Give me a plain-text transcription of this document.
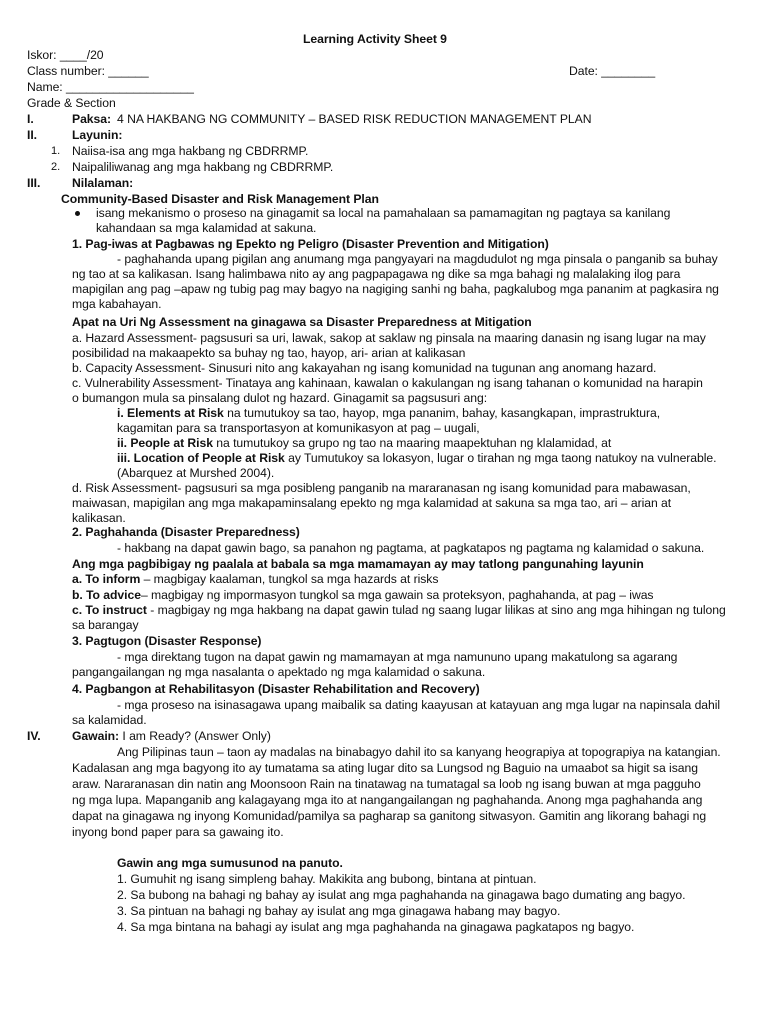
Learning Activity Sheet 9
Iskor: ____/20
Class number: ______	Date: ________
Name: ___________________
Grade & Section
I.	Paksa: 4 NA HAKBANG NG COMMUNITY – BASED RISK REDUCTION MANAGEMENT PLAN
II.	Layunin:
1. Naiisa-isa ang mga hakbang ng CBDRRMP.
2. Naipaliliwanag ang mga hakbang ng CBDRRMP.
III.	Nilalaman:
Community-Based Disaster and Risk Management Plan
isang mekanismo o proseso na ginagamit sa local na pamahalaan sa pamamagitan ng pagtaya sa kanilang
kahandaan sa mga kalamidad at sakuna.
1. Pag-iwas at Pagbawas ng Epekto ng Peligro (Disaster Prevention and Mitigation)
- paghahanda upang pigilan ang anumang mga pangyayari na magdudulot ng mga pinsala o panganib sa buhay
ng tao at sa kalikasan. Isang halimbawa nito ay ang pagpapagawa ng dike sa mga bahagi ng malalaking ilog para
mapigilan ang pag –apaw ng tubig pag may bagyo na nagiging sanhi ng baha, pagkalubog mga pananim at pagkasira ng
mga kabahayan.
Apat na Uri Ng Assessment na ginagawa sa Disaster Preparedness at Mitigation
a. Hazard Assessment- pagsusuri sa uri, lawak, sakop at saklaw ng pinsala na maaring danasin ng isang lugar na may
posibilidad na makaapekto sa buhay ng tao, hayop, ari- arian at kalikasan
b. Capacity Assessment- Sinusuri nito ang kakayahan ng isang komunidad na tugunan ang anomang hazard.
c. Vulnerability Assessment- Tinataya ang kahinaan, kawalan o kakulangan ng isang tahanan o komunidad na harapin
o bumangon mula sa pinsalang dulot ng hazard. Ginagamit sa pagsusuri ang:
i. Elements at Risk na tumutukoy sa tao, hayop, mga pananim, bahay, kasangkapan, imprastruktura,
kagamitan para sa transportasyon at komunikasyon at pag – uugali,
ii. People at Risk na tumutukoy sa grupo ng tao na maaring maapektuhan ng klalamidad, at
iii. Location of People at Risk ay Tumutukoy sa lokasyon, lugar o tirahan ng mga taong natukoy na vulnerable.
(Abarquez at Murshed 2004).
d. Risk Assessment- pagsusuri sa mga posibleng panganib na mararanasan ng isang komunidad para mabawasan,
maiwasan, mapigilan ang mga makapaminsalang epekto ng mga kalamidad at sakuna sa mga tao, ari – arian at
kalikasan.
2. Paghahanda (Disaster Preparedness)
- hakbang na dapat gawin bago, sa panahon ng pagtama, at pagkatapos ng pagtama ng kalamidad o sakuna.
Ang mga pagbibigay ng paalala at babala sa mga mamamayan ay may tatlong pangunahing layunin
a. To inform – magbigay kaalaman, tungkol sa mga hazards at risks
b. To advice– magbigay ng impormasyon tungkol sa mga gawain sa proteksyon, paghahanda, at pag – iwas
c. To instruct - magbigay ng mga hakbang na dapat gawin tulad ng saang lugar lilikas at sino ang mga hihingan ng tulong
sa barangay
3. Pagtugon (Disaster Response)
- mga direktang tugon na dapat gawin ng mamamayan at mga namununo upang makatulong sa agarang
pangangailangan ng mga nasalanta o apektado ng mga kalamidad o sakuna.
4. Pagbangon at Rehabilitasyon (Disaster Rehabilitation and Recovery)
- mga proseso na isinasagawa upang maibalik sa dating kaayusan at katayuan ang mga lugar na napinsala dahil
sa kalamidad.
IV.	Gawain: I am Ready? (Answer Only)
Ang Pilipinas taun – taon ay madalas na binabagyo dahil ito sa kanyang heograpiya at topograpiya na katangian.
Kadalasan ang mga bagyong ito ay tumatama sa ating lugar dito sa Lungsod ng Baguio na umaabot sa higit sa isang
araw. Nararanasan din natin ang Moonsoon Rain na tinatawag na tumatagal sa loob ng isang buwan at mga pagguho
ng mga lupa. Mapanganib ang kalagayang mga ito at nangangailangan ng paghahanda. Anong mga paghahanda ang
dapat na ginagawa ng inyong Komunidad/pamilya sa pagharap sa ganitong sitwasyon. Gamitin ang likorang bahagi ng
inyong bond paper para sa gawaing ito.
Gawin ang mga sumusunod na panuto.
1. Gumuhit ng isang simpleng bahay. Makikita ang bubong, bintana at pintuan.
2. Sa bubong na bahagi ng bahay ay isulat ang mga paghahanda na ginagawa bago dumating ang bagyo.
3. Sa pintuan na bahagi ng bahay ay isulat ang mga ginagawa habang may bagyo.
4. Sa mga bintana na bahagi ay isulat ang mga paghahanda na ginagawa pagkatapos ng bagyo.
